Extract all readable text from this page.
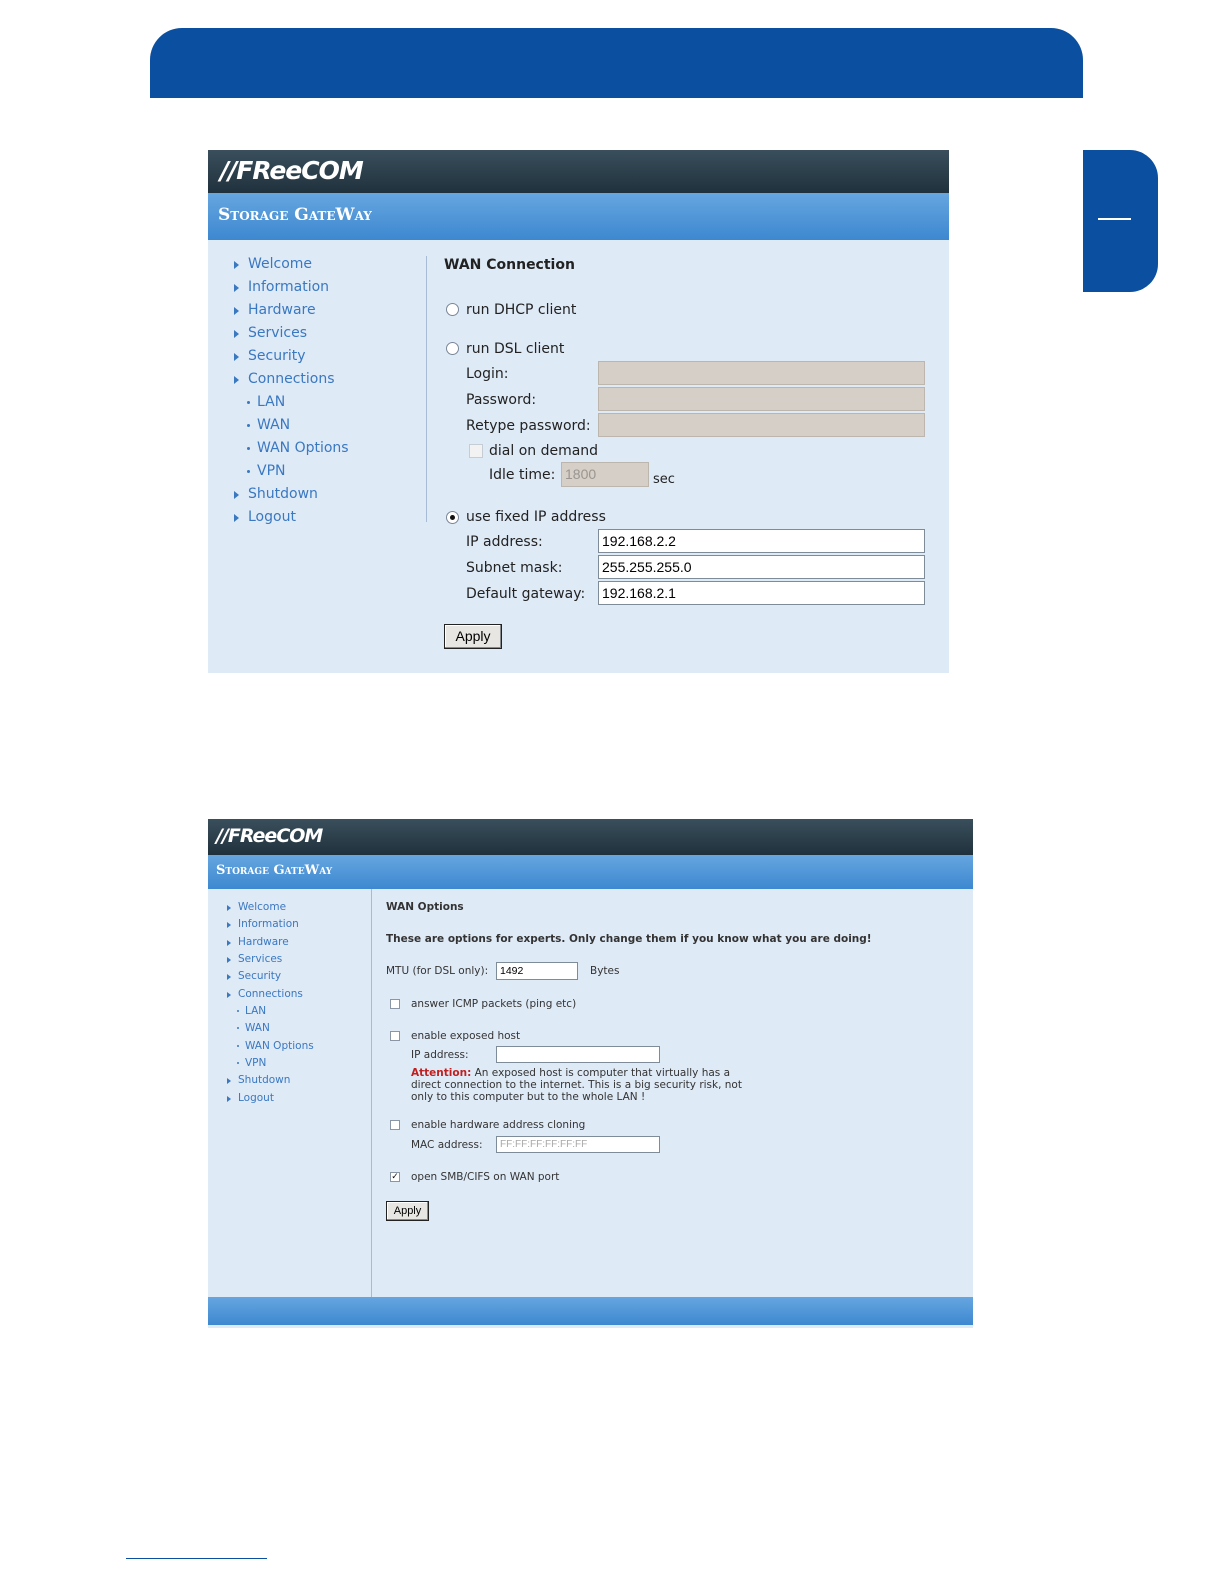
//FReeCOM
Storage GateWay
Welcome
Information
Hardware
Services
Security
Connections
LAN
WAN
WAN Options
VPN
Shutdown
Logout
WAN Connection
run DHCP client
run DSL client
Login:
Password:
Retype password:
dial on demand
Idle time: 1800	sec
use fixed IP address
IP address:	192.168.2.2
Subnet mask:	255.255.255.0
Default gateway: 192.168.2.1
Apply
//FReeCOM
Storage GateWay
Welcome
Information
Hardware
Services
Security
Connections
LAN
WAN
WAN Options
VPN
Shutdown
Logout
WAN Options
These are options for experts. Only change them if you know what you are doing!
MTU (for DSL only):	1492	Bytes
answer ICMP packets (ping etc)
enable exposed host
IP address:
Attention: An exposed host is computer that virtually has a
direct connection to the internet. This is a big security risk, not
only to this computer but to the whole LAN !
enable hardware address cloning
MAC address:	FF:FF:FF:FF:FF:FF
✓ open SMB/CIFS on WAN port
Apply
